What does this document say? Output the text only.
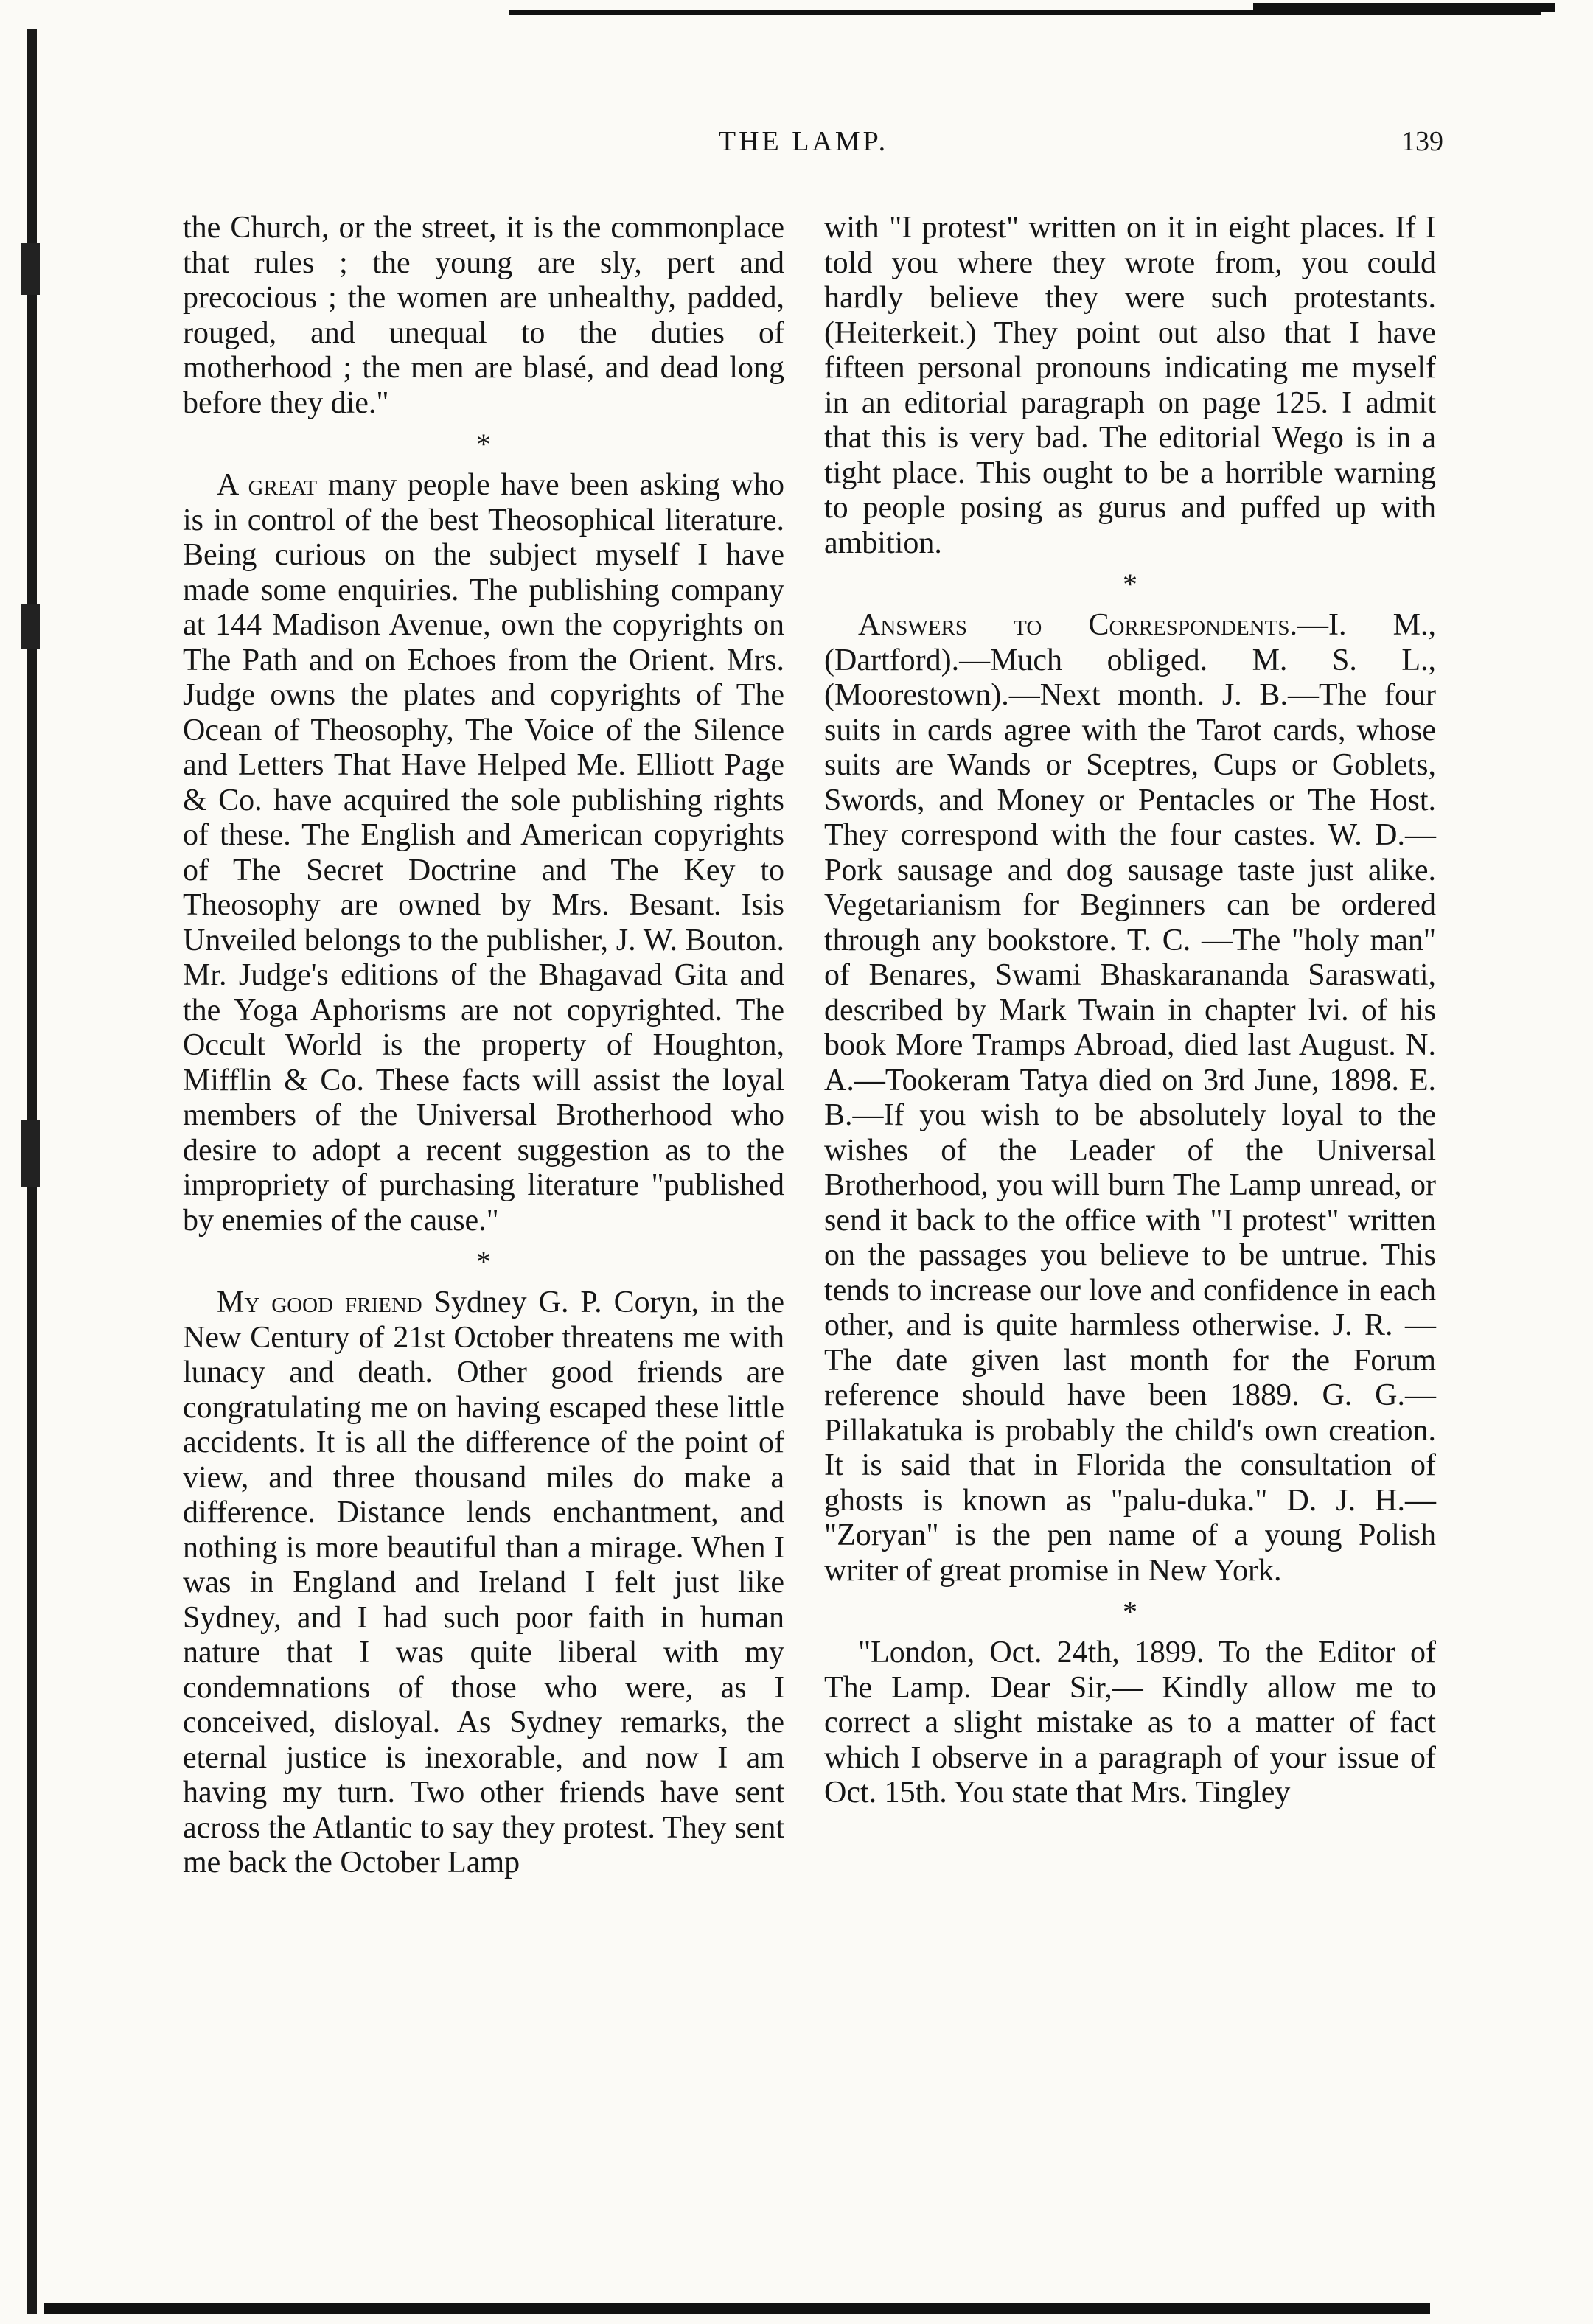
THE LAMP.	139

the Church, or the street, it is the commonplace that rules ; the young are sly, pert and precocious ; the women are unhealthy, padded, rouged, and unequal to the duties of motherhood ; the men are blasé, and dead long before they die."

*

A great many people have been asking who is in control of the best Theosophical literature. Being curious on the subject myself I have made some enquiries. The publishing company at 144 Madison Avenue, own the copyrights on The Path and on Echoes from the Orient. Mrs. Judge owns the plates and copyrights of The Ocean of Theosophy, The Voice of the Silence and Letters That Have Helped Me. Elliott Page & Co. have acquired the sole publishing rights of these. The English and American copyrights of The Secret Doctrine and The Key to Theosophy are owned by Mrs. Besant. Isis Unveiled belongs to the publisher, J. W. Bouton. Mr. Judge's editions of the Bhagavad Gita and the Yoga Aphorisms are not copyrighted. The Occult World is the property of Houghton, Mifflin & Co. These facts will assist the loyal members of the Universal Brotherhood who desire to adopt a recent suggestion as to the impropriety of purchasing literature "published by enemies of the cause."

*

My good friend Sydney G. P. Coryn, in the New Century of 21st October threatens me with lunacy and death. Other good friends are congratulating me on having escaped these little accidents. It is all the difference of the point of view, and three thousand miles do make a difference. Distance lends enchantment, and nothing is more beautiful than a mirage. When I was in England and Ireland I felt just like Sydney, and I had such poor faith in human nature that I was quite liberal with my condemnations of those who were, as I conceived, disloyal. As Sydney remarks, the eternal justice is inexorable, and now I am having my turn. Two other friends have sent across the Atlantic to say they protest. They sent me back the October Lamp

with "I protest" written on it in eight places. If I told you where they wrote from, you could hardly believe they were such protestants. (Heiterkeit.) They point out also that I have fifteen personal pronouns indicating me myself in an editorial paragraph on page 125. I admit that this is very bad. The editorial Wego is in a tight place. This ought to be a horrible warning to people posing as gurus and puffed up with ambition.

*

Answers to Correspondents.—I. M., (Dartford).—Much obliged. M. S. L., (Moorestown).—Next month. J. B.—The four suits in cards agree with the Tarot cards, whose suits are Wands or Sceptres, Cups or Goblets, Swords, and Money or Pentacles or The Host. They correspond with the four castes. W. D.—Pork sausage and dog sausage taste just alike. Vegetarianism for Beginners can be ordered through any bookstore. T. C. —The "holy man" of Benares, Swami Bhaskarananda Saraswati, described by Mark Twain in chapter lvi. of his book More Tramps Abroad, died last August. N. A.—Tookeram Tatya died on 3rd June, 1898. E. B.—If you wish to be absolutely loyal to the wishes of the Leader of the Universal Brotherhood, you will burn The Lamp unread, or send it back to the office with "I protest" written on the passages you believe to be untrue. This tends to increase our love and confidence in each other, and is quite harmless otherwise. J. R. —The date given last month for the Forum reference should have been 1889. G. G.—Pillakatuka is probably the child's own creation. It is said that in Florida the consultation of ghosts is known as "palu-duka." D. J. H.— "Zoryan" is the pen name of a young Polish writer of great promise in New York.

*

"London, Oct. 24th, 1899. To the Editor of The Lamp. Dear Sir,— Kindly allow me to correct a slight mistake as to a matter of fact which I observe in a paragraph of your issue of Oct. 15th. You state that Mrs. Tingley
